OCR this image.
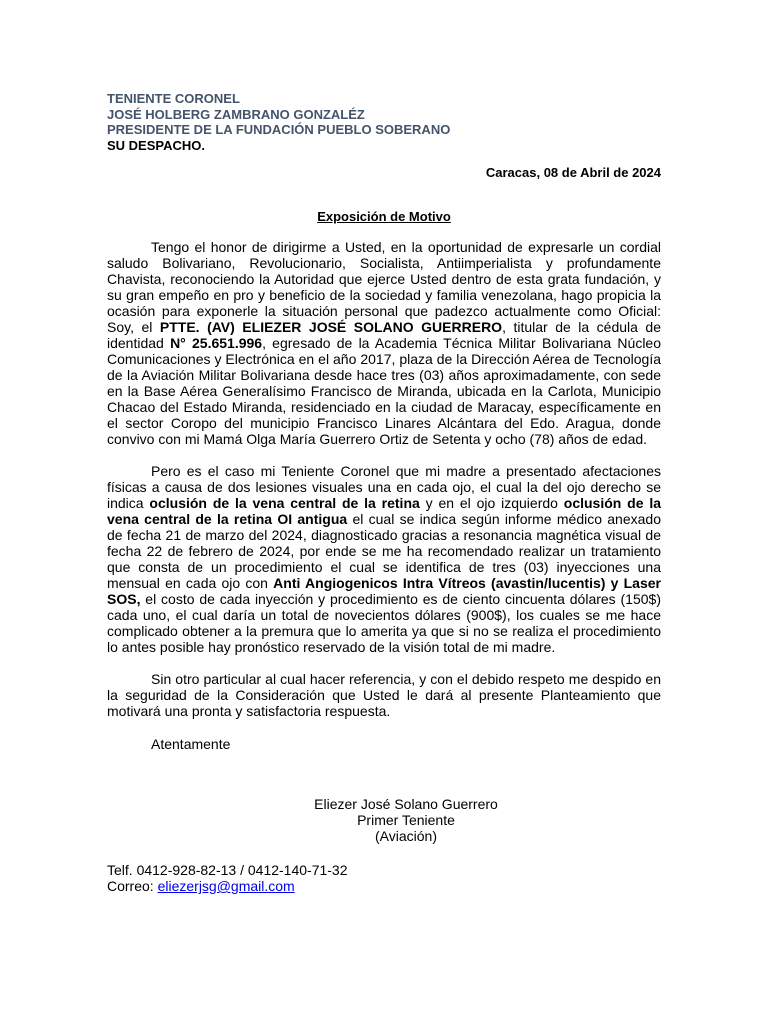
TENIENTE CORONEL
JOSÉ HOLBERG ZAMBRANO GONZALÉZ
PRESIDENTE DE LA FUNDACIÓN PUEBLO SOBERANO
SU DESPACHO.
Caracas, 08 de Abril de 2024
Exposición de Motivo

Tengo el honor de dirigirme a Usted, en la oportunidad de expresarle un cordial saludo Bolivariano, Revolucionario, Socialista, Antiimperialista y profundamente Chavista, reconociendo la Autoridad que ejerce Usted dentro de esta grata fundación, y su gran empeño en pro y beneficio de la sociedad y familia venezolana, hago propicia la ocasión para exponerle la situación personal que padezco actualmente como Oficial: Soy, el PTTE. (AV) ELIEZER JOSÉ SOLANO GUERRERO, titular de la cédula de identidad N° 25.651.996, egresado de la Academia Técnica Militar Bolivariana Núcleo Comunicaciones y Electrónica en el año 2017, plaza de la Dirección Aérea de Tecnología de la Aviación Militar Bolivariana desde hace tres (03) años aproximadamente, con sede en la Base Aérea Generalísimo Francisco de Miranda, ubicada en la Carlota, Municipio Chacao del Estado Miranda, residenciado en la ciudad de Maracay, específicamente en el sector Coropo del municipio Francisco Linares Alcántara del Edo. Aragua, donde convivo con mi Mamá Olga María Guerrero Ortiz de Setenta y ocho (78) años de edad.

Pero es el caso mi Teniente Coronel que mi madre a presentado afectaciones físicas a causa de dos lesiones visuales una en cada ojo, el cual la del ojo derecho se indica oclusión de la vena central de la retina y en el ojo izquierdo oclusión de la vena central de la retina OI antigua el cual se indica según informe médico anexado de fecha 21 de marzo del 2024, diagnosticado gracias a resonancia magnética visual de fecha 22 de febrero de 2024, por ende se me ha recomendado realizar un tratamiento que consta de un procedimiento el cual se identifica de tres (03) inyecciones una mensual en cada ojo con Anti Angiogenicos Intra Vítreos (avastin/lucentis) y Laser SOS, el costo de cada inyección y procedimiento es de ciento cincuenta dólares (150$) cada uno, el cual daría un total de novecientos dólares (900$), los cuales se me hace complicado obtener a la premura que lo amerita ya que si no se realiza el procedimiento lo antes posible hay pronóstico reservado de la visión total de mi madre.

Sin otro particular al cual hacer referencia, y con el debido respeto me despido en la seguridad de la Consideración que Usted le dará al presente Planteamiento que motivará una pronta y satisfactoria respuesta.

Atentamente
Eliezer José Solano Guerrero
Primer Teniente
(Aviación)
Telf. 0412-928-82-13 / 0412-140-71-32
Correo: eliezerjsg@gmail.com
